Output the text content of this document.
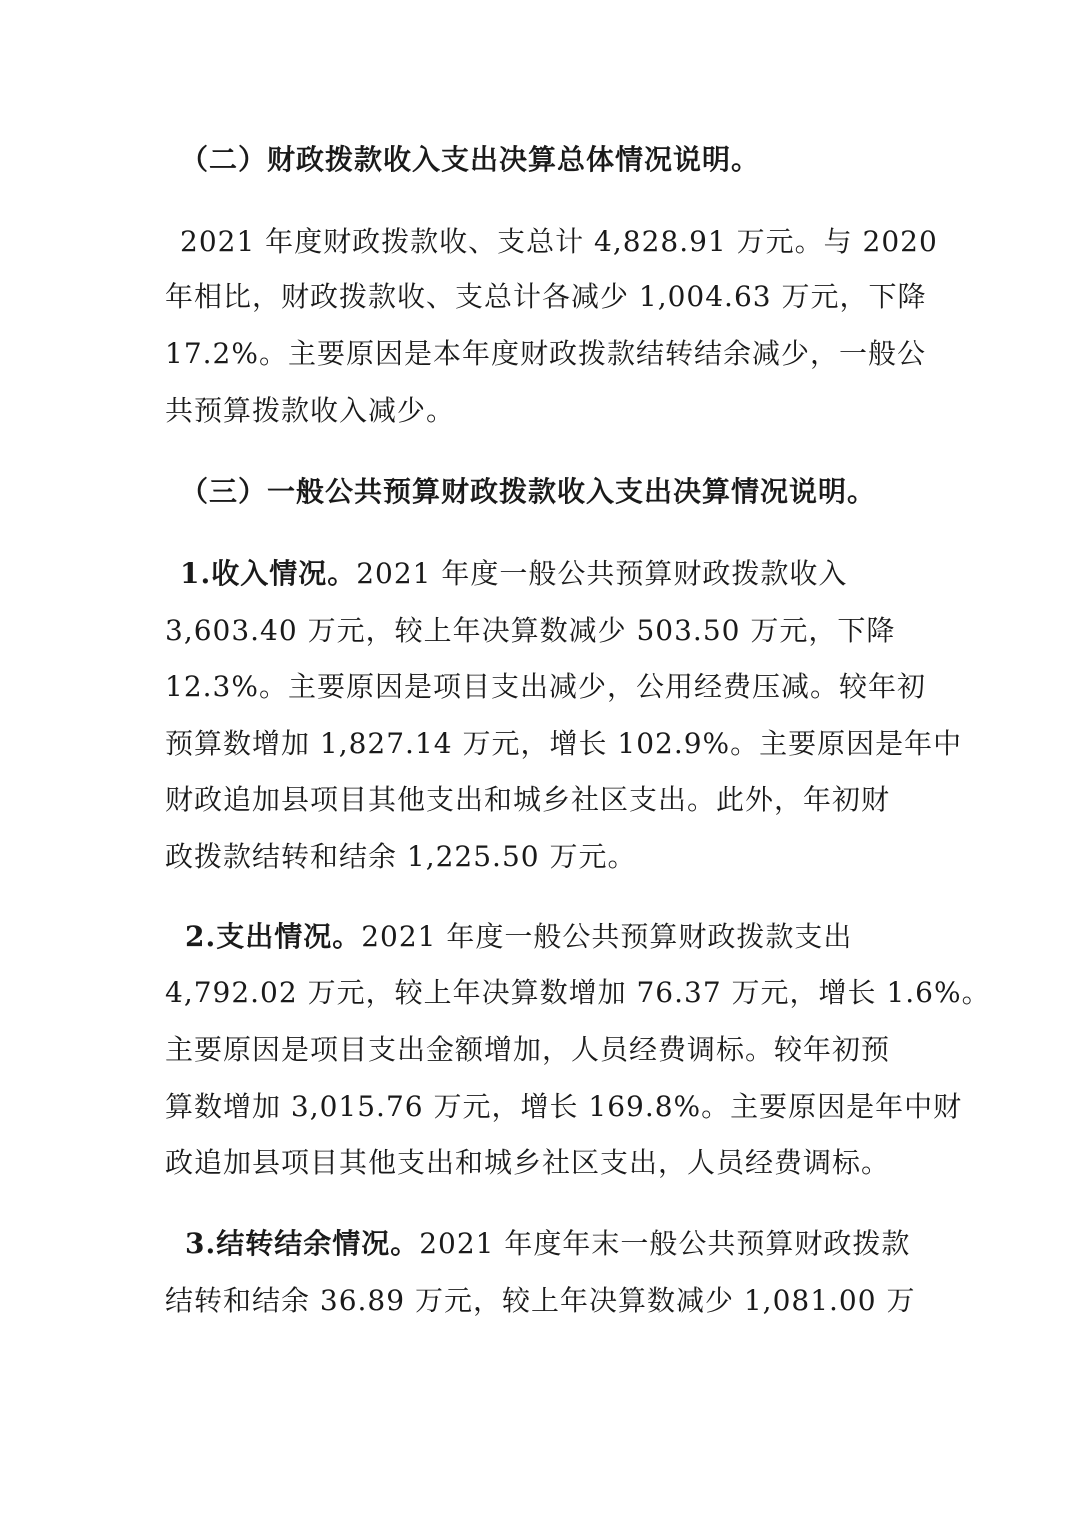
（二）财政拨款收入支出决算总体情况说明。
2021 年度财政拨款收、支总计 4,828.91 万元。与 2020
年相比，财政拨款收、支总计各减少 1,004.63 万元，下降
17.2%。主要原因是本年度财政拨款结转结余减少，一般公
共预算拨款收入减少。
（三）一般公共预算财政拨款收入支出决算情况说明。
1.收入情况。2021 年度一般公共预算财政拨款收入
3,603.40 万元，较上年决算数减少 503.50 万元，下降
12.3%。主要原因是项目支出减少，公用经费压减。较年初
预算数增加 1,827.14 万元，增长 102.9%。主要原因是年中
财政追加县项目其他支出和城乡社区支出。此外，年初财
政拨款结转和结余 1,225.50 万元。
2.支出情况。2021 年度一般公共预算财政拨款支出
4,792.02 万元，较上年决算数增加 76.37 万元，增长 1.6%。
主要原因是项目支出金额增加，人员经费调标。较年初预
算数增加 3,015.76 万元，增长 169.8%。主要原因是年中财
政追加县项目其他支出和城乡社区支出，人员经费调标。
3.结转结余情况。2021 年度年末一般公共预算财政拨款
结转和结余 36.89 万元，较上年决算数减少 1,081.00 万
